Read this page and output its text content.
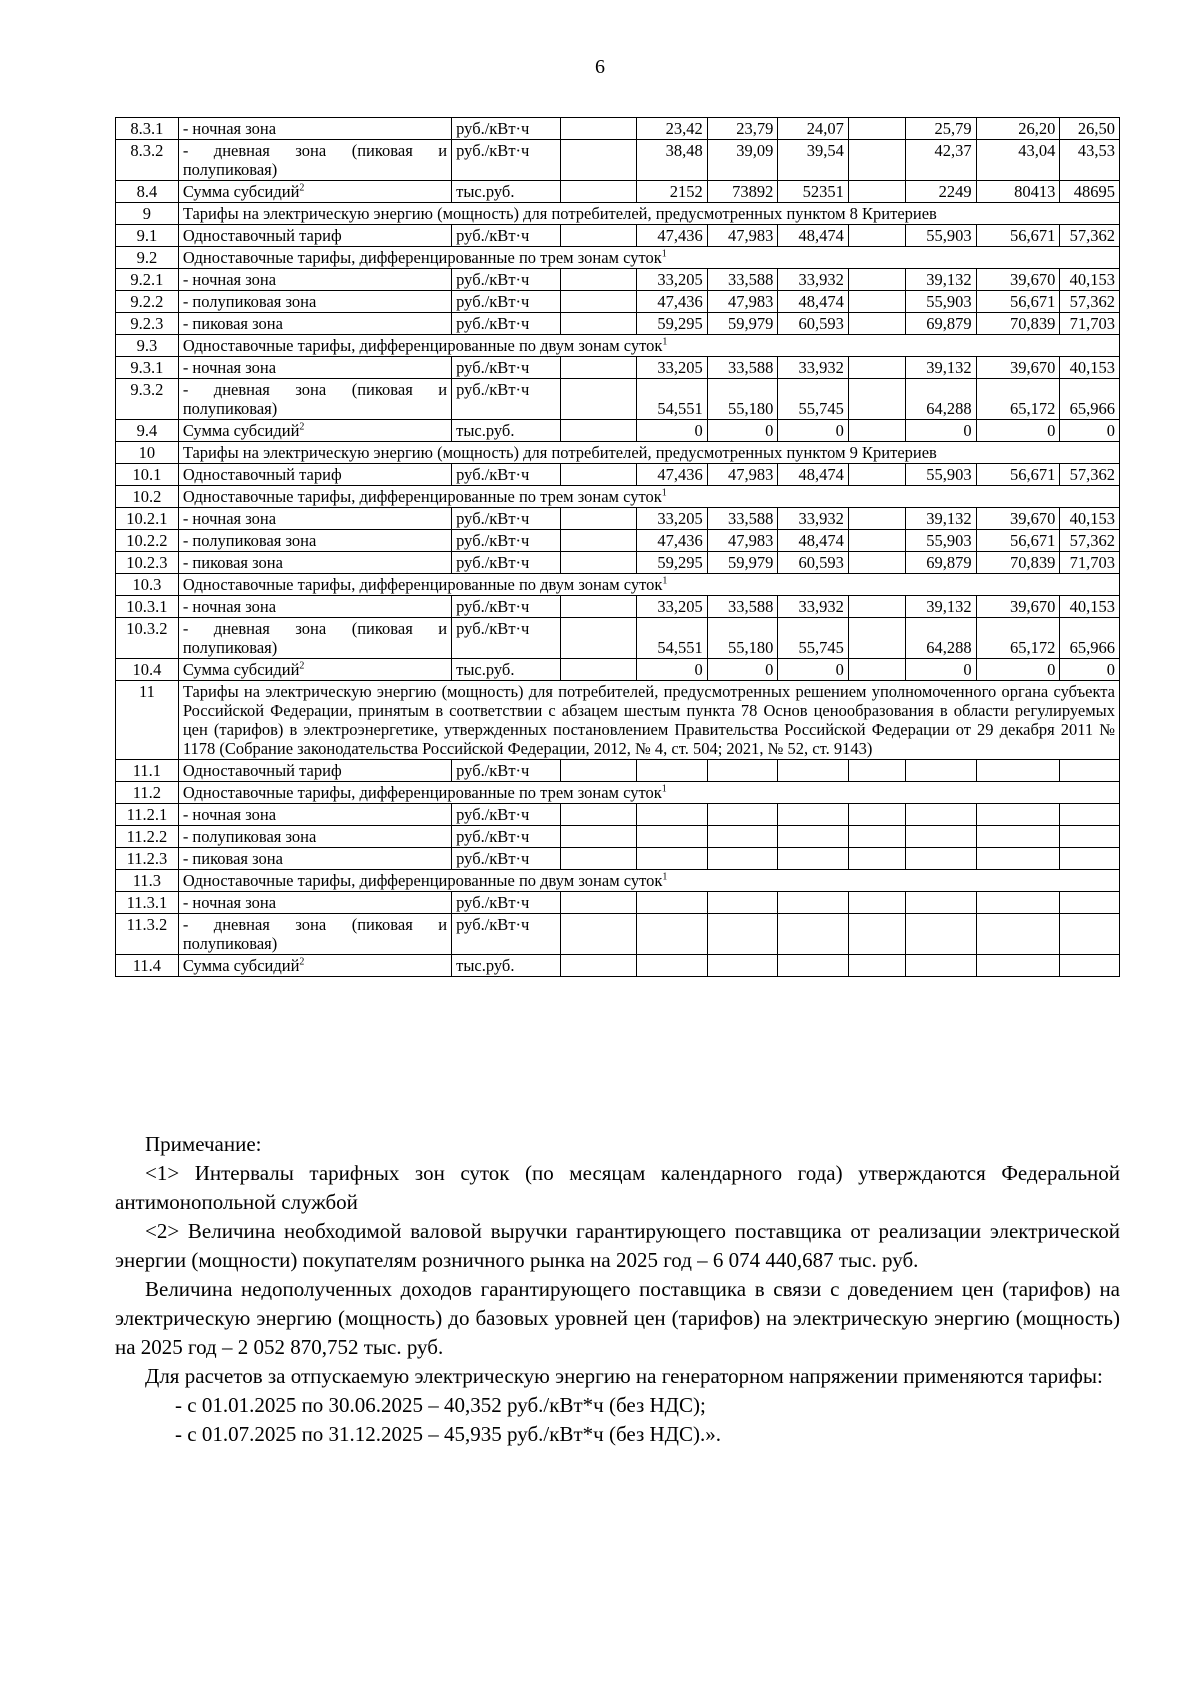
6
8.3.1	- ночная зона	руб./кВт·ч		23,42	23,79	24,07		25,79	26,20	26,50
8.3.2	- дневная зона (пиковая и полупиковая)	руб./кВт·ч		38,48	39,09	39,54		42,37	43,04	43,53
8.4	Сумма субсидий$^2$	тыс.руб.		2152	73892	52351		2249	80413	48695
9	Тарифы на электрическую энергию (мощность) для потребителей, предусмотренных пунктом 8 Критериев									
9.1	Одноставочный тариф	руб./кВт·ч		47,436	47,983	48,474		55,903	56,671	57,362
9.2	Одноставочные тарифы, дифференцированные по трем зонам суток$^1$
9.2.1	- ночная зона	руб./кВт·ч		33,205	33,588	33,932		39,132	39,670	40,153
9.2.2	- полупиковая зона	руб./кВт·ч		47,436	47,983	48,474		55,903	56,671	57,362
9.2.3	- пиковая зона	руб./кВт·ч		59,295	59,979	60,593		69,879	70,839	71,703
9.3	Одноставочные тарифы, дифференцированные по двум зонам суток$^1$
9.3.1	- ночная зона	руб./кВт·ч		33,205	33,588	33,932		39,132	39,670	40,153
9.3.2	- дневная зона (пиковая и полупиковая)	руб./кВт·ч		54,551	55,180	55,745		64,288	65,172	65,966
9.4	Сумма субсидий$^2$	тыс.руб.		0	0	0		0	0	0
10	Тарифы на электрическую энергию (мощность) для потребителей, предусмотренных пунктом 9 Критериев									
10.1	Одноставочный тариф	руб./кВт·ч		47,436	47,983	48,474		55,903	56,671	57,362
10.2	Одноставочные тарифы, дифференцированные по трем зонам суток$^1$
10.2.1	- ночная зона	руб./кВт·ч		33,205	33,588	33,932		39,132	39,670	40,153
10.2.2	- полупиковая зона	руб./кВт·ч		47,436	47,983	48,474		55,903	56,671	57,362
10.2.3	- пиковая зона	руб./кВт·ч		59,295	59,979	60,593		69,879	70,839	71,703
10.3	Одноставочные тарифы, дифференцированные по двум зонам суток$^1$
10.3.1	- ночная зона	руб./кВт·ч		33,205	33,588	33,932		39,132	39,670	40,153
10.3.2	- дневная зона (пиковая и полупиковая)	руб./кВт·ч		54,551	55,180	55,745		64,288	65,172	65,966
10.4	Сумма субсидий$^2$	тыс.руб.		0	0	0		0	0	0
11	Тарифы на электрическую энергию (мощность) для потребителей, предусмотренных решением уполномоченного органа субъекта Российской Федерации, принятым в соответствии с абзацем шестым пункта 78 Основ ценообразования в области регулируемых цен (тарифов) в электроэнергетике, утвержденных постановлением Правительства Российской Федерации от 29 декабря 2011 № 1178 (Собрание законодательства Российской Федерации, 2012, № 4, ст. 504; 2021, № 52, ст. 9143)									
11.1	Одноставочный тариф	руб./кВт·ч								
11.2	Одноставочные тарифы, дифференцированные по трем зонам суток$^1$
11.2.1	- ночная зона	руб./кВт·ч								
11.2.2	- полупиковая зона	руб./кВт·ч								
11.2.3	- пиковая зона	руб./кВт·ч								
11.3	Одноставочные тарифы, дифференцированные по двум зонам суток$^1$
11.3.1	- ночная зона	руб./кВт·ч								
11.3.2	- дневная зона (пиковая и полупиковая)	руб./кВт·ч								
11.4	Сумма субсидий$^2$	тыс.руб.								

Примечание:

<1> Интервалы тарифных зон суток (по месяцам календарного года) утверждаются Федеральной антимонопольной службой

<2> Величина необходимой валовой выручки гарантирующего поставщика от реализации электрической энергии (мощности) покупателям розничного рынка на 2025 год – 6 074 440,687 тыс. руб.

Величина недополученных доходов гарантирующего поставщика в связи с доведением цен (тарифов) на электрическую энергию (мощность) до базовых уровней цен (тарифов) на электрическую энергию (мощность) на 2025 год – 2 052 870,752 тыс. руб.

Для расчетов за отпускаемую электрическую энергию на генераторном напряжении применяются тарифы:

- с 01.01.2025 по 30.06.2025 – 40,352 руб./кВт*ч (без НДС);

- с 01.07.2025 по 31.12.2025 – 45,935 руб./кВт*ч (без НДС).».
